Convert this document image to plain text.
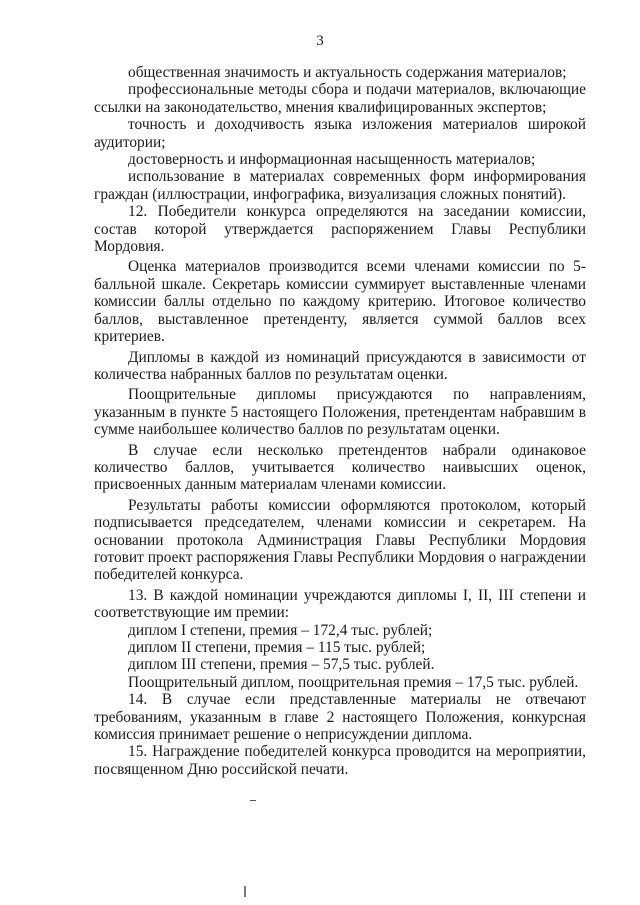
3

общественная значимость и актуальность содержания материалов;

профессиональные методы сбора и подачи материалов, включающие ссылки на законодательство, мнения квалифицированных экспертов;

точность и доходчивость языка изложения материалов широкой аудитории;

достоверность и информационная насыщенность материалов;

использование в материалах современных форм информирования граждан (иллюстрации, инфографика, визуализация сложных понятий).

12. Победители конкурса определяются на заседании комиссии, состав которой утверждается распоряжением Главы Республики Мордовия.

Оценка материалов производится всеми членами комиссии по 5-балльной шкале. Секретарь комиссии суммирует выставленные членами комиссии баллы отдельно по каждому критерию. Итоговое количество баллов, выставленное претенденту, является суммой баллов всех критериев.

Дипломы в каждой из номинаций присуждаются в зависимости от количества набранных баллов по результатам оценки.

Поощрительные дипломы присуждаются по направлениям, указанным в пункте 5 настоящего Положения, претендентам набравшим в сумме наибольшее количество баллов по результатам оценки.

В случае если несколько претендентов набрали одинаковое количество баллов, учитывается количество наивысших оценок, присвоенных данным материалам членами комиссии.

Результаты работы комиссии оформляются протоколом, который подписывается председателем, членами комиссии и секретарем. На основании протокола Администрация Главы Республики Мордовия готовит проект распоряжения Главы Республики Мордовия о награждении победителей конкурса.

13. В каждой номинации учреждаются дипломы I, II, III степени и соответствующие им премии:

диплом I степени, премия – 172,4 тыс. рублей;

диплом II степени, премия – 115 тыс. рублей;

диплом III степени, премия – 57,5 тыс. рублей.

Поощрительный диплом, поощрительная премия – 17,5 тыс. рублей.

14. В случае если представленные материалы не отвечают требованиям, указанным в главе 2 настоящего Положения, конкурсная комиссия принимает решение о неприсуждении диплома.

15. Награждение победителей конкурса проводится на мероприятии, посвященном Дню российской печати.
